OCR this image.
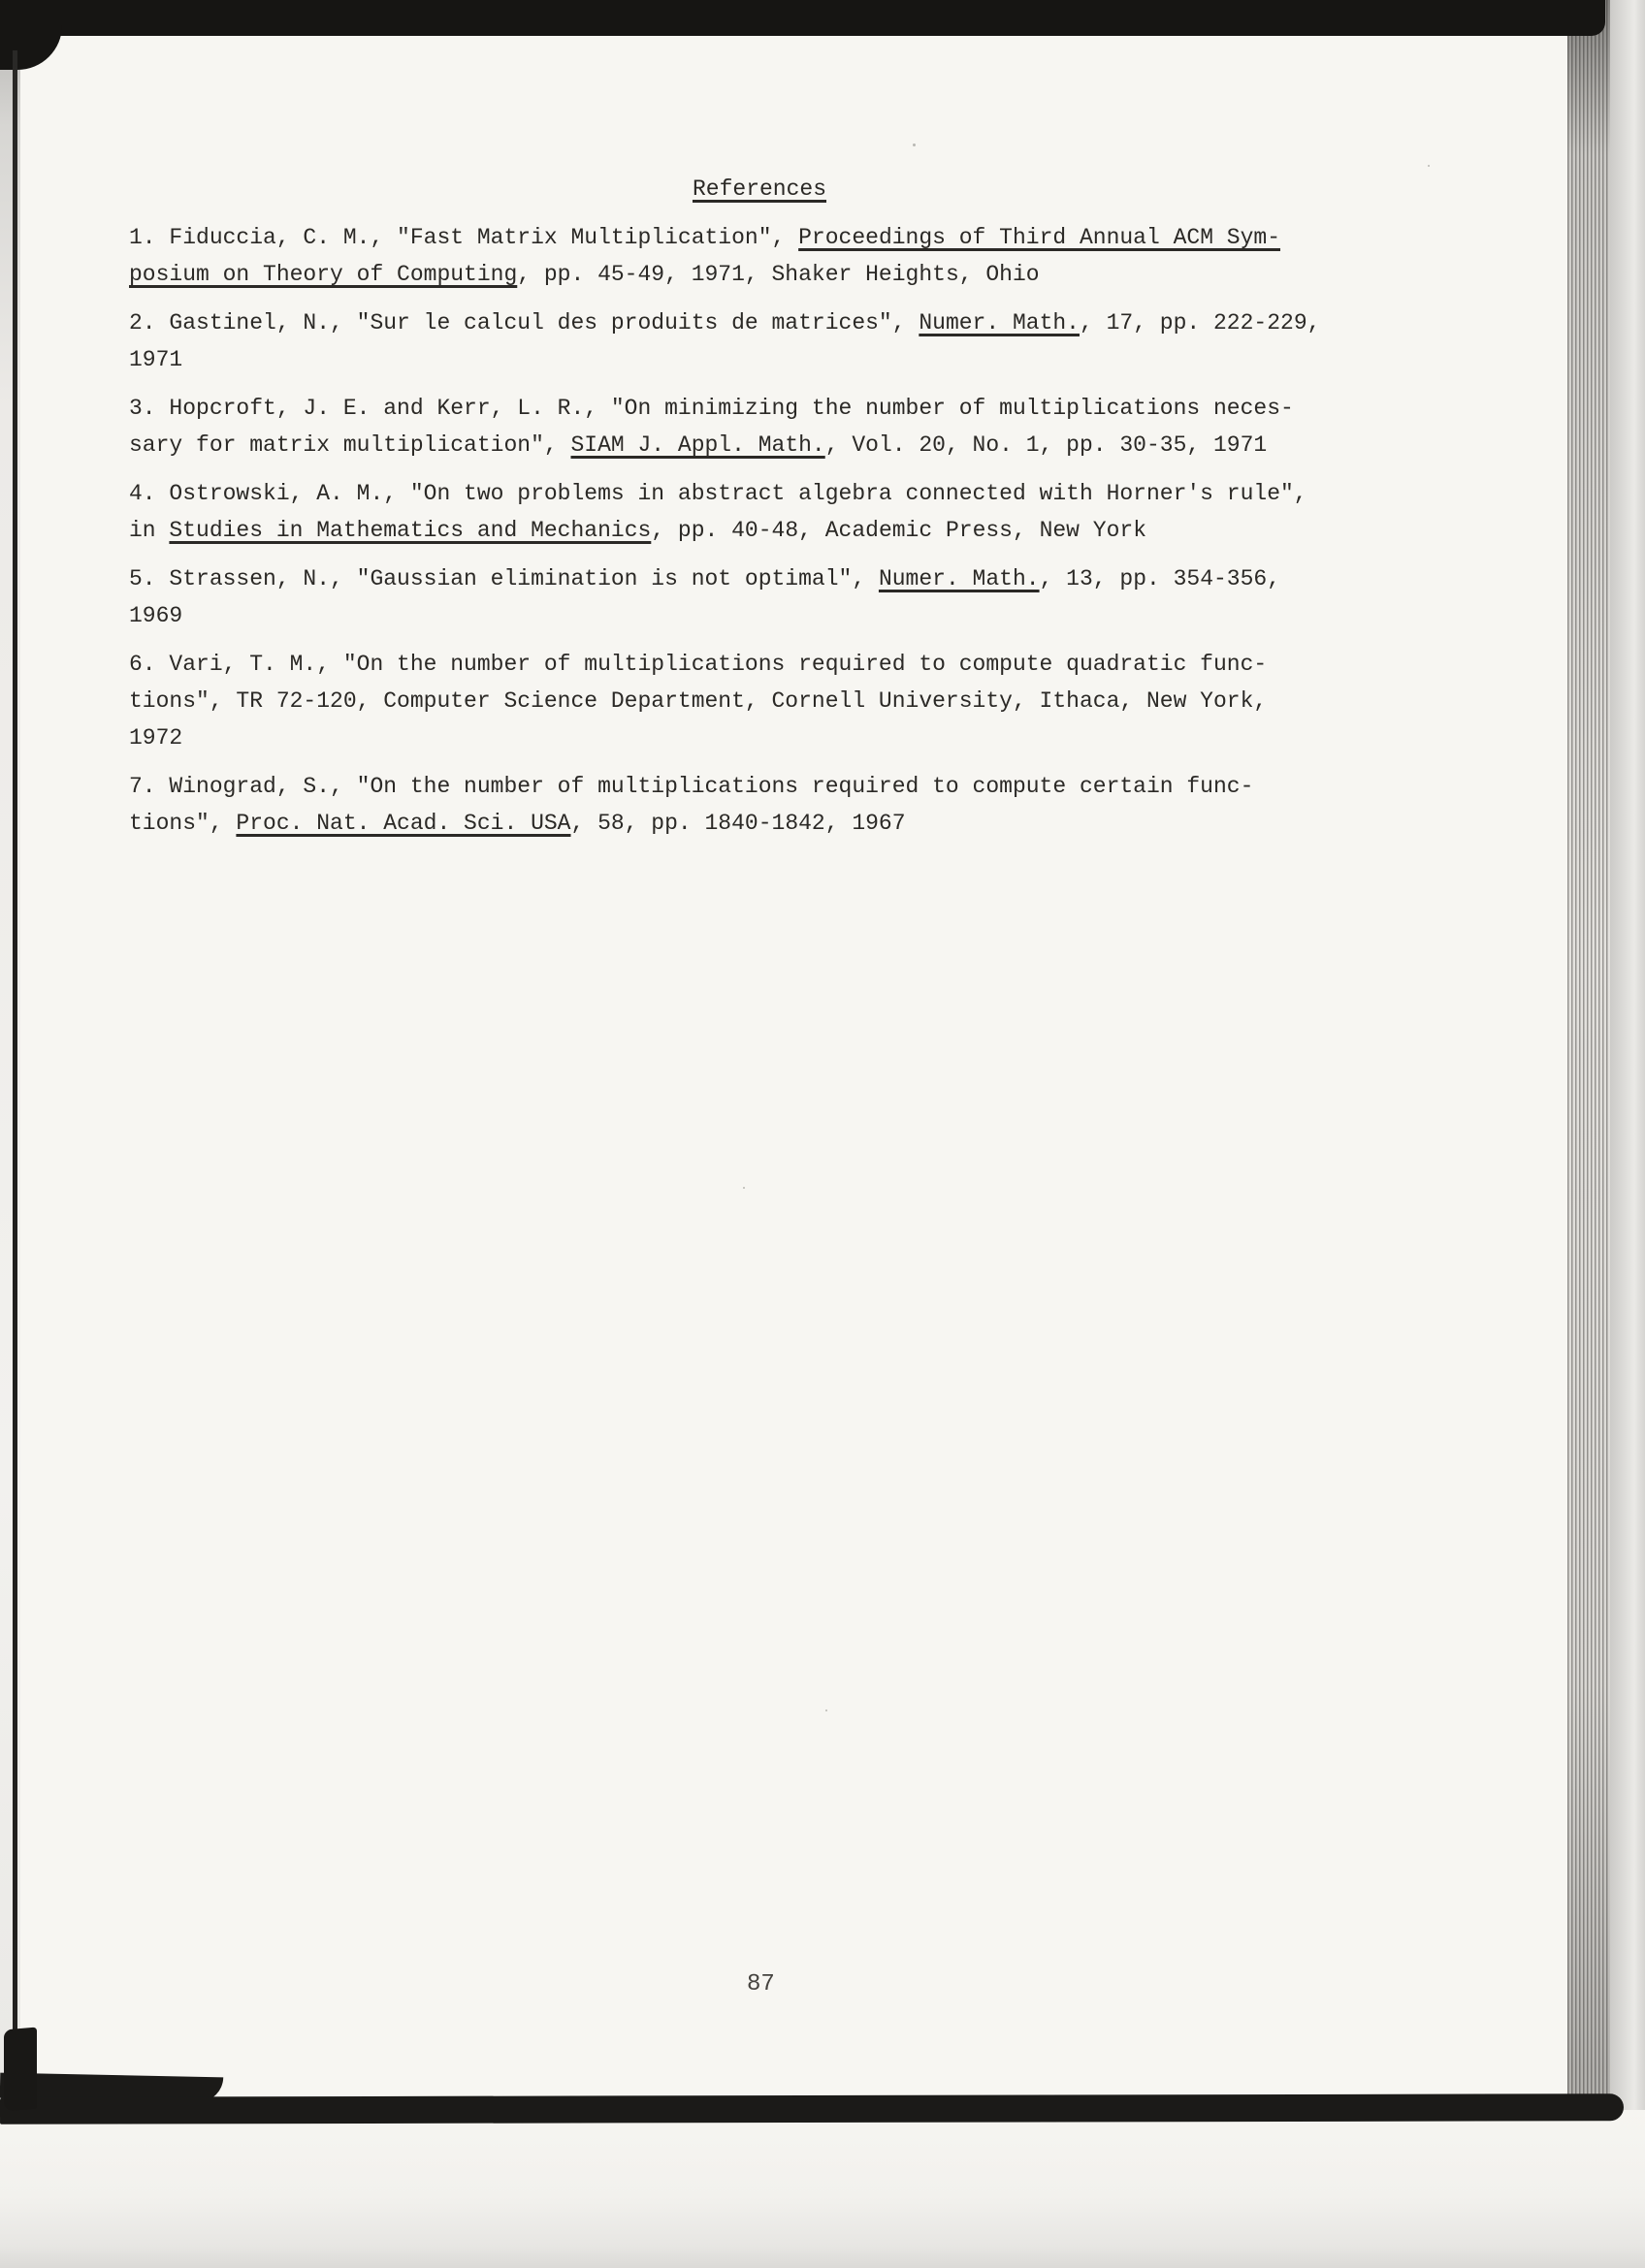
References

1. Fiduccia, C. M., "Fast Matrix Multiplication", Proceedings of Third Annual ACM Sym-
posium on Theory of Computing, pp. 45-49, 1971, Shaker Heights, Ohio

2. Gastinel, N., "Sur le calcul des produits de matrices", Numer. Math., 17, pp. 222-229,
1971

3. Hopcroft, J. E. and Kerr, L. R., "On minimizing the number of multiplications neces-
sary for matrix multiplication", SIAM J. Appl. Math., Vol. 20, No. 1, pp. 30-35, 1971

4. Ostrowski, A. M., "On two problems in abstract algebra connected with Horner's rule",
in Studies in Mathematics and Mechanics, pp. 40-48, Academic Press, New York

5. Strassen, N., "Gaussian elimination is not optimal", Numer. Math., 13, pp. 354-356,
1969

6. Vari, T. M., "On the number of multiplications required to compute quadratic func-
tions", TR 72-120, Computer Science Department, Cornell University, Ithaca, New York,
1972

7. Winograd, S., "On the number of multiplications required to compute certain func-
tions", Proc. Nat. Acad. Sci. USA, 58, pp. 1840-1842, 1967

87
